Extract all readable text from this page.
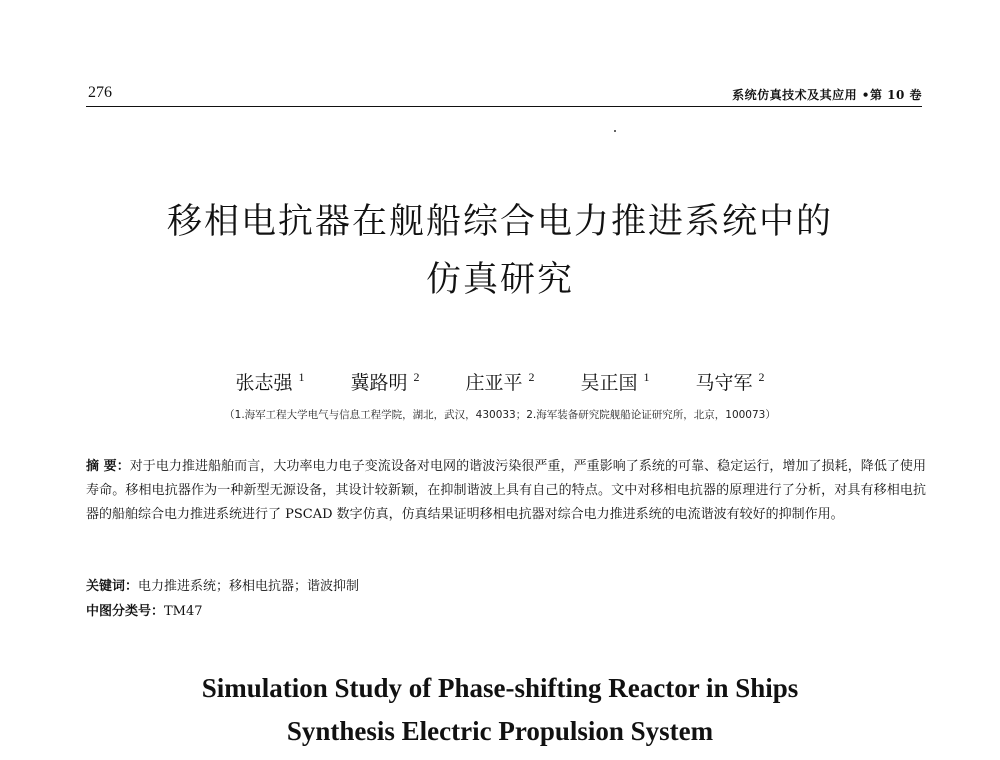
276	系统仿真技术及其应用 •第 10 卷
移相电抗器在舰船综合电力推进系统中的
仿真研究
张志强 $^1$ 冀路明 $^2$ 庄亚平 $^2$ 吴正国 $^1$ 马守军 $^2$
（1.海军工程大学电气与信息工程学院，湖北，武汉，430033；2.海军装备研究院舰船论证研究所，北京，100073）
摘 要：对于电力推进船舶而言，大功率电力电子变流设备对电网的谐波污染很严重，严重影响了系统的可靠、稳定运行，增加了损耗，降低了使用寿命。移相电抗器作为一种新型无源设备，其设计较新颖，在抑制谐波上具有自己的特点。文中对移相电抗器的原理进行了分析，对具有移相电抗器的船舶综合电力推进系统进行了 PSCAD 数字仿真，仿真结果证明移相电抗器对综合电力推进系统的电流谐波有较好的抑制作用。
关键词：电力推进系统；移相电抗器；谐波抑制
中图分类号：TM47
Simulation Study of Phase-shifting Reactor in Ships
Synthesis Electric Propulsion System
